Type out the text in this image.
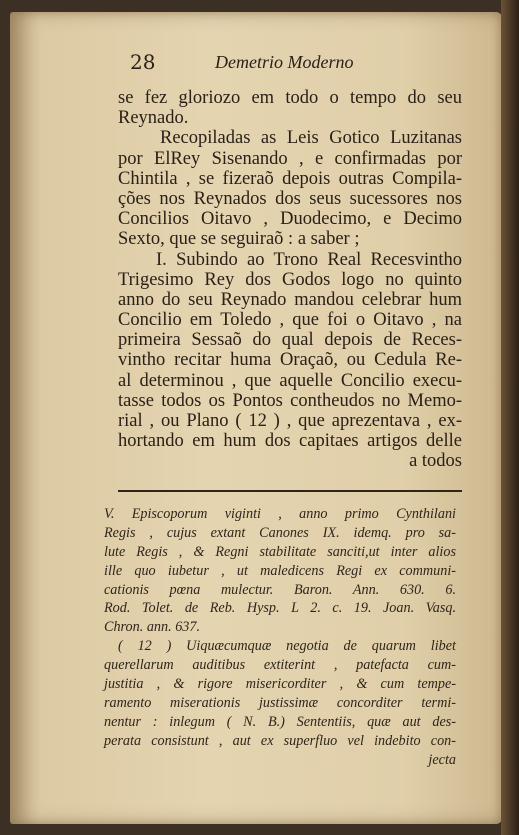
28	Demetrio Moderno
se fez gloriozo em todo o tempo do seu
Reynado.
Recopiladas as Leis Gotico Luzitanas
por ElRey Sisenando , e confirmadas por
Chintila , se fizeraõ depois outras Compila-
ções nos Reynados dos seus sucessores nos
Concilios Oitavo , Duodecimo, e Decimo
Sexto, que se seguiraõ : a saber ;
I. Subindo ao Trono Real Recesvintho
Trigesimo Rey dos Godos logo no quinto
anno do seu Reynado mandou celebrar hum
Concilio em Toledo , que foi o Oitavo , na
primeira Sessaõ do qual depois de Reces-
vintho recitar huma Oraçaõ, ou Cedula Re-
al determinou , que aquelle Concilio execu-
tasse todos os Pontos contheudos no Memo-
rial , ou Plano ( 12 ) , que aprezentava , ex-
hortando em hum dos capitaes artigos delle
a todos
V. Episcoporum viginti , anno primo Cynthilani
Regis , cujus extant Canones IX. idemq. pro sa-
lute Regis , & Regni stabilitate sanciti,ut inter alios
ille quo iubetur , ut maledicens Regi ex communi-
cationis pœna mulectur. Baron. Ann. 630. 6.
Rod. Tolet. de Reb. Hysp. L 2. c. 19. Joan. Vasq.
Chron. ann. 637.
( 12 ) Uiquæcumquæ negotia de quarum libet
querellarum auditibus extiterint , patefacta cum-
justitia , & rigore misericorditer , & cum tempe-
ramento miserationis justissimæ concorditer termi-
nentur : inlegum ( N. B.) Sententiis, quæ aut des-
perata consistunt , aut ex superfluo vel indebito con-
jecta
